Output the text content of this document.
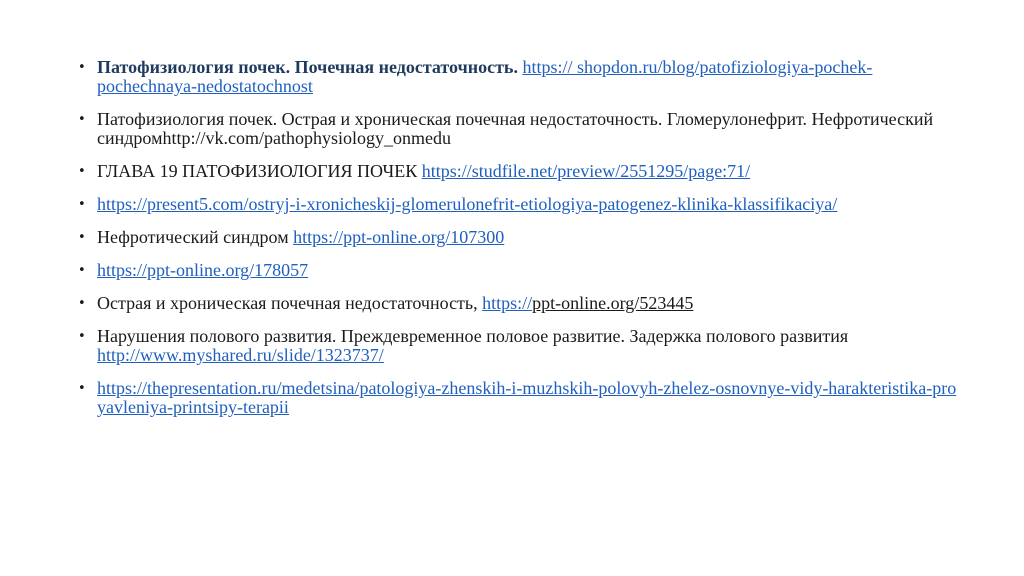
• Патофизиология почек. Почечная недостаточность. https:// shopdon.ru/blog/patofiziologiya-pochek-pochechnaya-nedostatochnost
• Патофизиология почек. Острая и хроническая почечная недостаточность. Гломерулонефрит. Нефротический синдромhttp://vk.com/pathophysiology_onmedu
• ГЛАВА 19 ПАТОФИЗИОЛОГИЯ ПОЧЕК https://studfile.net/preview/2551295/page:71/
• https://present5.com/ostryj-i-xronicheskij-glomerulonefrit-etiologiya-patogenez-klinika-klassifikaciya/
• Нефротический синдром https://ppt-online.org/107300
• https://ppt-online.org/178057
• Острая и хроническая почечная недостаточность, https://ppt-online.org/523445
• Нарушения полового развития. Преждевременное половое развитие. Задержка полового развития http://www.myshared.ru/slide/1323737/
• https://thepresentation.ru/medetsina/patologiya-zhenskih-i-muzhskih-polovyh-zhelez-osnovnye-vidy-harakteristika-proyavleniya-printsipy-terapii
